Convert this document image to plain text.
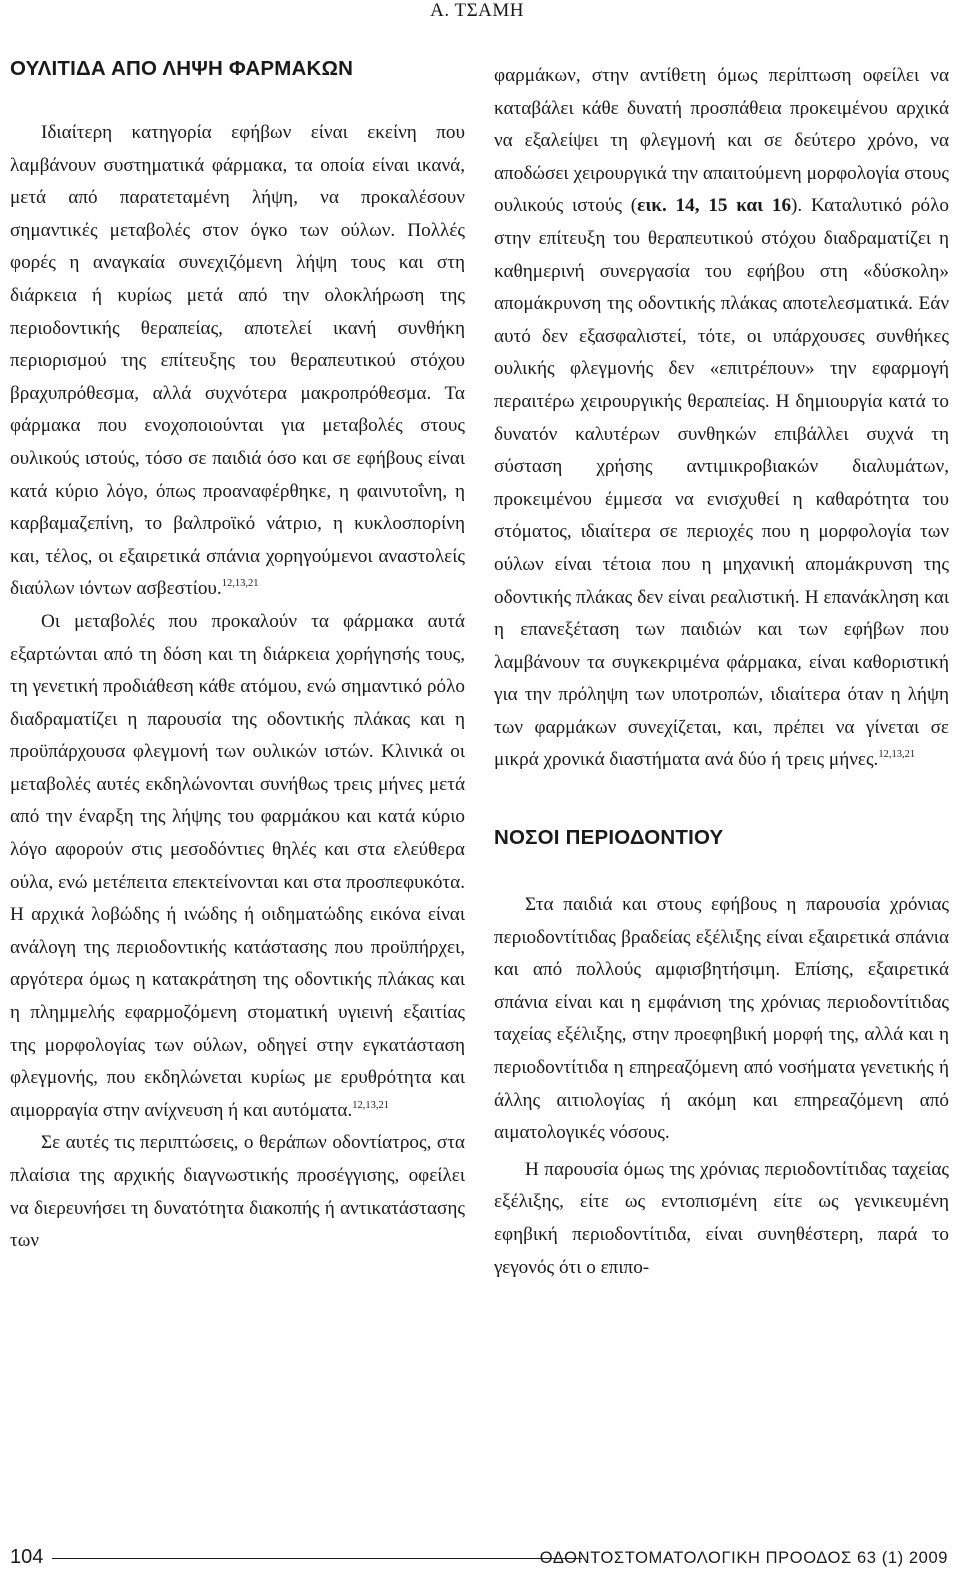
Α. ΤΣΑΜΗ
ΟΥΛΙΤΙΔΑ ΑΠΟ ΛΗΨΗ ΦΑΡΜΑΚΩΝ

Ιδιαίτερη κατηγορία εφήβων είναι εκείνη που λαμβάνουν συστηματικά φάρμακα, τα οποία είναι ικανά, μετά από παρατεταμένη λήψη, να προκαλέσουν σημαντικές μεταβολές στον όγκο των ούλων. Πολλές φορές η αναγκαία συνεχιζόμενη λήψη τους και στη διάρκεια ή κυρίως μετά από την ολοκλήρωση της περιοδοντικής θεραπείας, αποτελεί ικανή συνθήκη περιορισμού της επίτευξης του θεραπευτικού στόχου βραχυπρόθεσμα, αλλά συχνότερα μακροπρόθεσμα. Τα φάρμακα που ενοχοποιούνται για μεταβολές στους ουλικούς ιστούς, τόσο σε παιδιά όσο και σε εφήβους είναι κατά κύριο λόγο, όπως προαναφέρθηκε, η φαινυτοΐνη, η καρβαμαζεπίνη, το βαλπροϊκό νάτριο, η κυκλοσπορίνη και, τέλος, οι εξαιρετικά σπάνια χορηγούμενοι αναστολείς διαύλων ιόντων ασβεστίου.$^{12,13,21}$

Οι μεταβολές που προκαλούν τα φάρμακα αυτά εξαρτώνται από τη δόση και τη διάρκεια χορήγησής τους, τη γενετική προδιάθεση κάθε ατόμου, ενώ σημαντικό ρόλο διαδραματίζει η παρουσία της οδοντικής πλάκας και η προϋπάρχουσα φλεγμονή των ουλικών ιστών. Κλινικά οι μεταβολές αυτές εκδηλώνονται συνήθως τρεις μήνες μετά από την έναρξη της λήψης του φαρμάκου και κατά κύριο λόγο αφορούν στις μεσοδόντιες θηλές και στα ελεύθερα ούλα, ενώ μετέπειτα επεκτείνονται και στα προσπεφυκότα. Η αρχικά λοβώδης ή ινώδης ή οιδηματώδης εικόνα είναι ανάλογη της περιοδοντικής κατάστασης που προϋπήρχει, αργότερα όμως η κατακράτηση της οδοντικής πλάκας και η πλημμελής εφαρμοζόμενη στοματική υγιεινή εξαιτίας της μορφολογίας των ούλων, οδηγεί στην εγκατάσταση φλεγμονής, που εκδηλώνεται κυρίως με ερυθρότητα και αιμορραγία στην ανίχνευση ή και αυτόματα.$^{12,13,21}$

Σε αυτές τις περιπτώσεις, ο θεράπων οδοντίατρος, στα πλαίσια της αρχικής διαγνωστικής προσέγγισης, οφείλει να διερευνήσει τη δυνατότητα διακοπής ή αντικατάστασης των

φαρμάκων, στην αντίθετη όμως περίπτωση οφείλει να καταβάλει κάθε δυνατή προσπάθεια προκειμένου αρχικά να εξαλείψει τη φλεγμονή και σε δεύτερο χρόνο, να αποδώσει χειρουργικά την απαιτούμενη μορφολογία στους ουλικούς ιστούς (εικ. 14, 15 και 16). Καταλυτικό ρόλο στην επίτευξη του θεραπευτικού στόχου διαδραματίζει η καθημερινή συνεργασία του εφήβου στη «δύσκολη» απομάκρυνση της οδοντικής πλάκας αποτελεσματικά. Εάν αυτό δεν εξασφαλιστεί, τότε, οι υπάρχουσες συνθήκες ουλικής φλεγμονής δεν «επιτρέπουν» την εφαρμογή περαιτέρω χειρουργικής θεραπείας. Η δημιουργία κατά το δυνατόν καλυτέρων συνθηκών επιβάλλει συχνά τη σύσταση χρήσης αντιμικροβιακών διαλυμάτων, προκειμένου έμμεσα να ενισχυθεί η καθαρότητα του στόματος, ιδιαίτερα σε περιοχές που η μορφολογία των ούλων είναι τέτοια που η μηχανική απομάκρυνση της οδοντικής πλάκας δεν είναι ρεαλιστική. Η επανάκληση και η επανεξέταση των παιδιών και των εφήβων που λαμβάνουν τα συγκεκριμένα φάρμακα, είναι καθοριστική για την πρόληψη των υποτροπών, ιδιαίτερα όταν η λήψη των φαρμάκων συνεχίζεται, και, πρέπει να γίνεται σε μικρά χρονικά διαστήματα ανά δύο ή τρεις μήνες.$^{12,13,21}$

ΝΟΣΟΙ ΠΕΡΙΟΔΟΝΤΙΟΥ

Στα παιδιά και στους εφήβους η παρουσία χρόνιας περιοδοντίτιδας βραδείας εξέλιξης είναι εξαιρετικά σπάνια και από πολλούς αμφισβητήσιμη. Επίσης, εξαιρετικά σπάνια είναι και η εμφάνιση της χρόνιας περιοδοντίτιδας ταχείας εξέλιξης, στην προεφηβική μορφή της, αλλά και η περιοδοντίτιδα η επηρεαζόμενη από νοσήματα γενετικής ή άλλης αιτιολογίας ή ακόμη και επηρεαζόμενη από αιματολογικές νόσους.

Η παρουσία όμως της χρόνιας περιοδοντίτιδας ταχείας εξέλιξης, είτε ως εντοπισμένη είτε ως γενικευμένη εφηβική περιοδοντίτιδα, είναι συνηθέστερη, παρά το γεγονός ότι ο επιπο-

104	ΟΔΟΝΤΟΣΤΟΜΑΤΟΛΟΓΙΚΗ ΠΡΟΟΔΟΣ 63 (1) 2009
